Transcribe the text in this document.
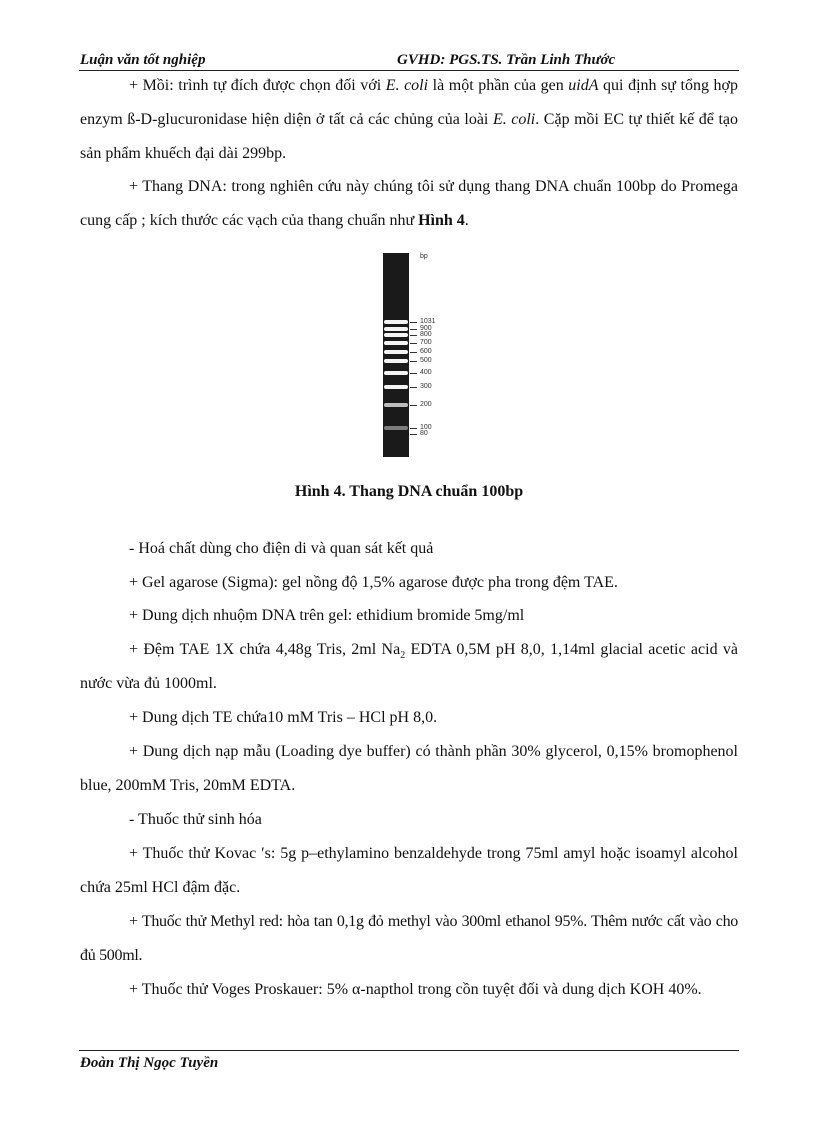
Luận văn tốt nghiệp	GVHD: PGS.TS. Trần Linh Thước
+ Mồi: trình tự đích được chọn đối với E. coli là một phần của gen uidA qui định sự tổng hợp enzym ß-D-glucuronidase hiện diện ở tất cả các chủng của loài E. coli. Cặp mồi EC tự thiết kế để tạo sản phẩm khuếch đại dài 299bp.
+ Thang DNA: trong nghiên cứu này chúng tôi sử dụng thang DNA chuẩn 100bp do Promega cung cấp ; kích thước các vạch của thang chuẩn như Hình 4.
bp
1031
900
800
700
600
500
400
300
200
100
80
Hình 4. Thang DNA chuẩn 100bp
- Hoá chất dùng cho điện di và quan sát kết quả
+ Gel agarose (Sigma): gel nồng độ 1,5% agarose được pha trong đệm TAE.
+ Dung dịch nhuộm DNA trên gel: ethidium bromide 5mg/ml
+ Đệm TAE 1X chứa 4,48g Tris, 2ml $Na_2$ EDTA 0,5M pH 8,0, 1,14ml glacial acetic acid và nước vừa đủ 1000ml.
+ Dung dịch TE chứa10 mM Tris – HCl pH 8,0.
+ Dung dịch nạp mẫu (Loading dye buffer) có thành phần 30% glycerol, 0,15% bromophenol blue, 200mM Tris, 20mM EDTA.
- Thuốc thử sinh hóa
+ Thuốc thử Kovac ′s: 5g p–ethylamino benzaldehyde trong 75ml amyl hoặc isoamyl alcohol chứa 25ml HCl đậm đặc.
+ Thuốc thử Methyl red: hòa tan 0,1g đỏ methyl vào 300ml ethanol 95%. Thêm nước cất vào cho đủ 500ml.
+ Thuốc thử Voges Proskauer: 5% α-napthol trong cồn tuyệt đối và dung dịch KOH 40%.
Đoàn Thị Ngọc Tuyền
